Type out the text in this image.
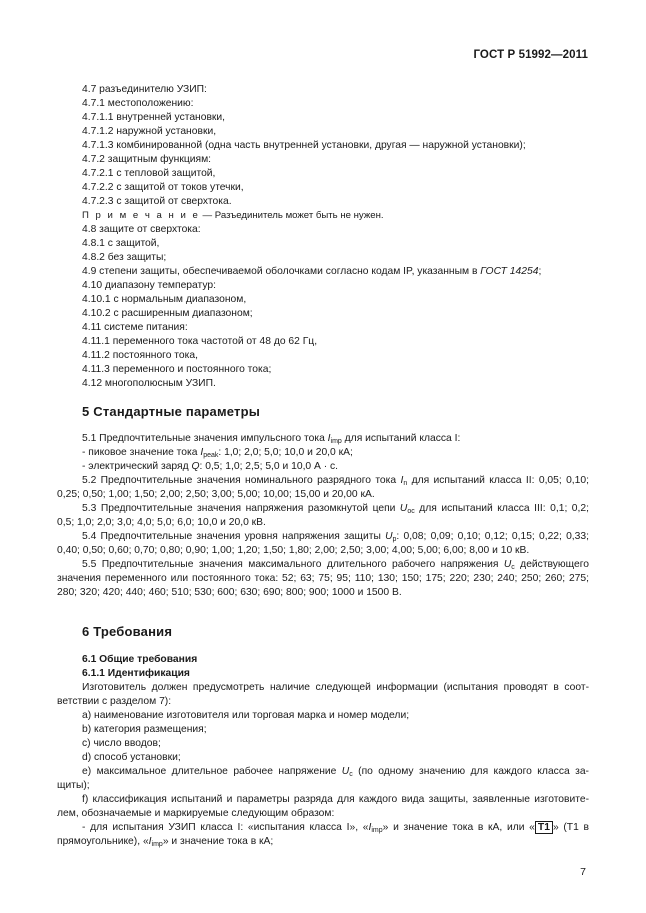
ГОСТ Р 51992—2011
4.7 разъединителю УЗИП:
4.7.1 местоположению:
4.7.1.1 внутренней установки,
4.7.1.2 наружной установки,
4.7.1.3 комбинированной (одна часть внутренней установки, другая — наружной установки);
4.7.2 защитным функциям:
4.7.2.1 с тепловой защитой,
4.7.2.2 с защитой от токов утечки,
4.7.2.3 с защитой от сверхтока.
П р и м е ч а н и е — Разъединитель может быть не нужен.
4.8 защите от сверхтока:
4.8.1 с защитой,
4.8.2 без защиты;
4.9 степени защиты, обеспечиваемой оболочками согласно кодам IP, указанным в ГОСТ 14254;
4.10 диапазону температур:
4.10.1 с нормальным диапазоном,
4.10.2 с расширенным диапазоном;
4.11 системе питания:
4.11.1 переменного тока частотой от 48 до 62 Гц,
4.11.2 постоянного тока,
4.11.3 переменного и постоянного тока;
4.12 многополюсным УЗИП.
5 Стандартные параметры
5.1 Предпочтительные значения импульсного тока $I_{imp}$ для испытаний класса I:
- пиковое значение тока $I_{peak}$: 1,0; 2,0; 5,0; 10,0 и 20,0 кА;
- электрический заряд Q: 0,5; 1,0; 2,5; 5,0 и 10,0 А · с.
5.2 Предпочтительные значения номинального разрядного тока $I_n$ для испытаний класса II: 0,05; 0,10;
0,25; 0,50; 1,00; 1,50; 2,00; 2,50; 3,00; 5,00; 10,00; 15,00 и 20,00 кА.
5.3 Предпочтительные значения напряжения разомкнутой цепи $U_{oc}$ для испытаний класса III: 0,1; 0,2;
0,5; 1,0; 2,0; 3,0; 4,0; 5,0; 6,0; 10,0 и 20,0 кВ.
5.4 Предпочтительные значения уровня напряжения защиты $U_p$: 0,08; 0,09; 0,10; 0,12; 0,15; 0,22; 0,33;
0,40; 0,50; 0,60; 0,70; 0,80; 0,90; 1,00; 1,20; 1,50; 1,80; 2,00; 2,50; 3,00; 4,00; 5,00; 6,00; 8,00 и 10 кВ.
5.5 Предпочтительные значения максимального длительного рабочего напряжения $U_c$ действующего
значения переменного или постоянного тока: 52; 63; 75; 95; 110; 130; 150; 175; 220; 230; 240; 250; 260; 275;
280; 320; 420; 440; 460; 510; 530; 600; 630; 690; 800; 900; 1000 и 1500 В.
6 Требования
6.1 Общие требования
6.1.1 Идентификация
Изготовитель должен предусмотреть наличие следующей информации (испытания проводят в соот-
ветствии с разделом 7):
а) наименование изготовителя или торговая марка и номер модели;
b) категория размещения;
c) число вводов;
d) способ установки;
e) максимальное длительное рабочее напряжение $U_c$ (по одному значению для каждого класса за-
щиты);
f) классификация испытаний и параметры разряда для каждого вида защиты, заявленные изготовите-
лем, обозначаемые и маркируемые следующим образом:
- для испытания УЗИП класса I: «испытания класса I», «$I_{imp}$» и значение тока в кА, или « T1 » (Т1 в
прямоугольнике), «$I_{imp}$» и значение тока в кА;
7
